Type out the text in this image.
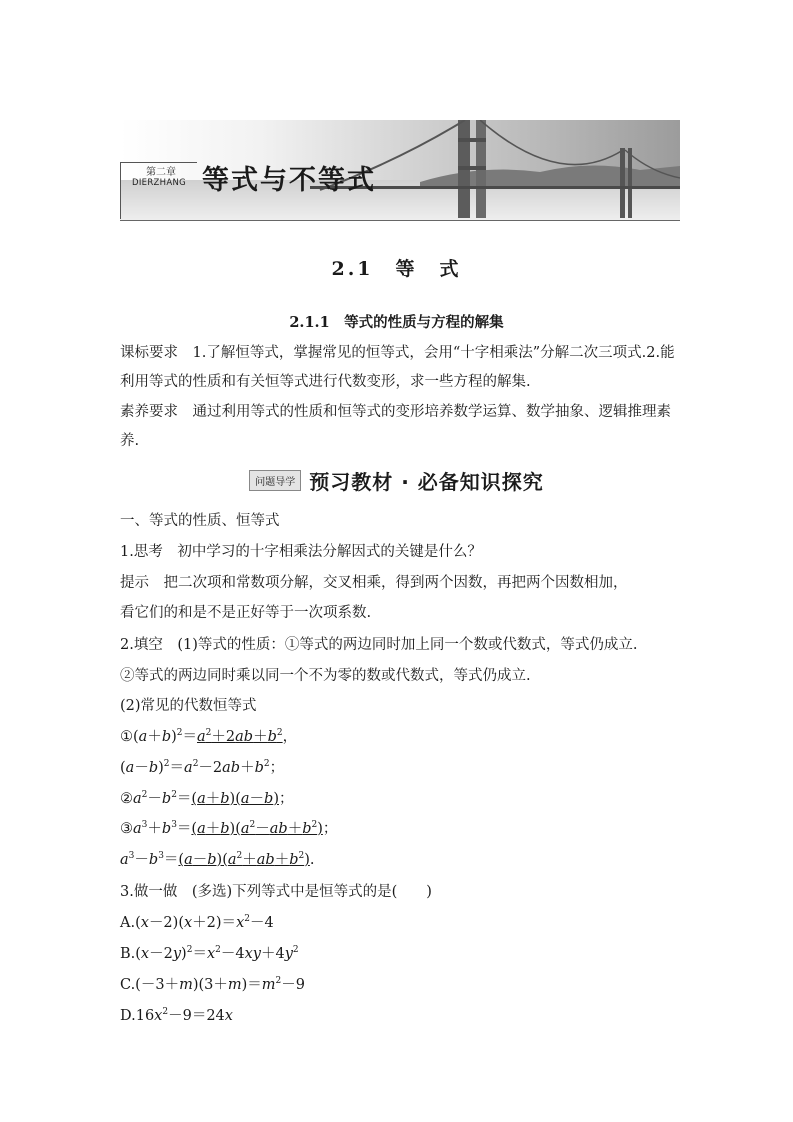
第二章
DIERZHANG 等式与不等式
2.1　等　式
2.1.1　等式的性质与方程的解集
课标要求　 1.了解恒等式，掌握常见的恒等式，会用“十字相乘法”分解二次三项式.2.能利用等式的性质和有关恒等式进行代数变形，求一些方程的解集.
素养要求　 通过利用等式的性质和恒等式的变形培养数学运算、数学抽象、逻辑推理素养.
问题导学 预习教材 · 必备知识探究
一、等式的性质、恒等式
1.思考　初中学习的十字相乘法分解因式的关键是什么？
提示　把二次项和常数项分解，交叉相乘，得到两个因数，再把两个因数相加，
看它们的和是不是正好等于一次项系数.
2.填空　(1)等式的性质：①等式的两边同时加上同一个数或代数式，等式仍成立.
②等式的两边同时乘以同一个不为零的数或代数式，等式仍成立.
(2)常见的代数恒等式
$①(a+b)^2=a^2+2ab+b^2$，
$(a-b)^2=a^2-2ab+b^2$；
$②a^2-b^2=(a+b)(a-b)$；
$③a^3+b^3=(a+b)(a^2-ab+b^2)$；
$a^3-b^3=(a-b)(a^2+ab+b^2)$.
3.做一做　(多选)下列等式中是恒等式的是(　　)
$A.(x-2)(x+2)=x^2-4$
$B.(x-2y)^2=x^2-4xy+4y^2$
$C.(-3+m)(3+m)=m^2-9$
$D.16x^2-9=24x$
